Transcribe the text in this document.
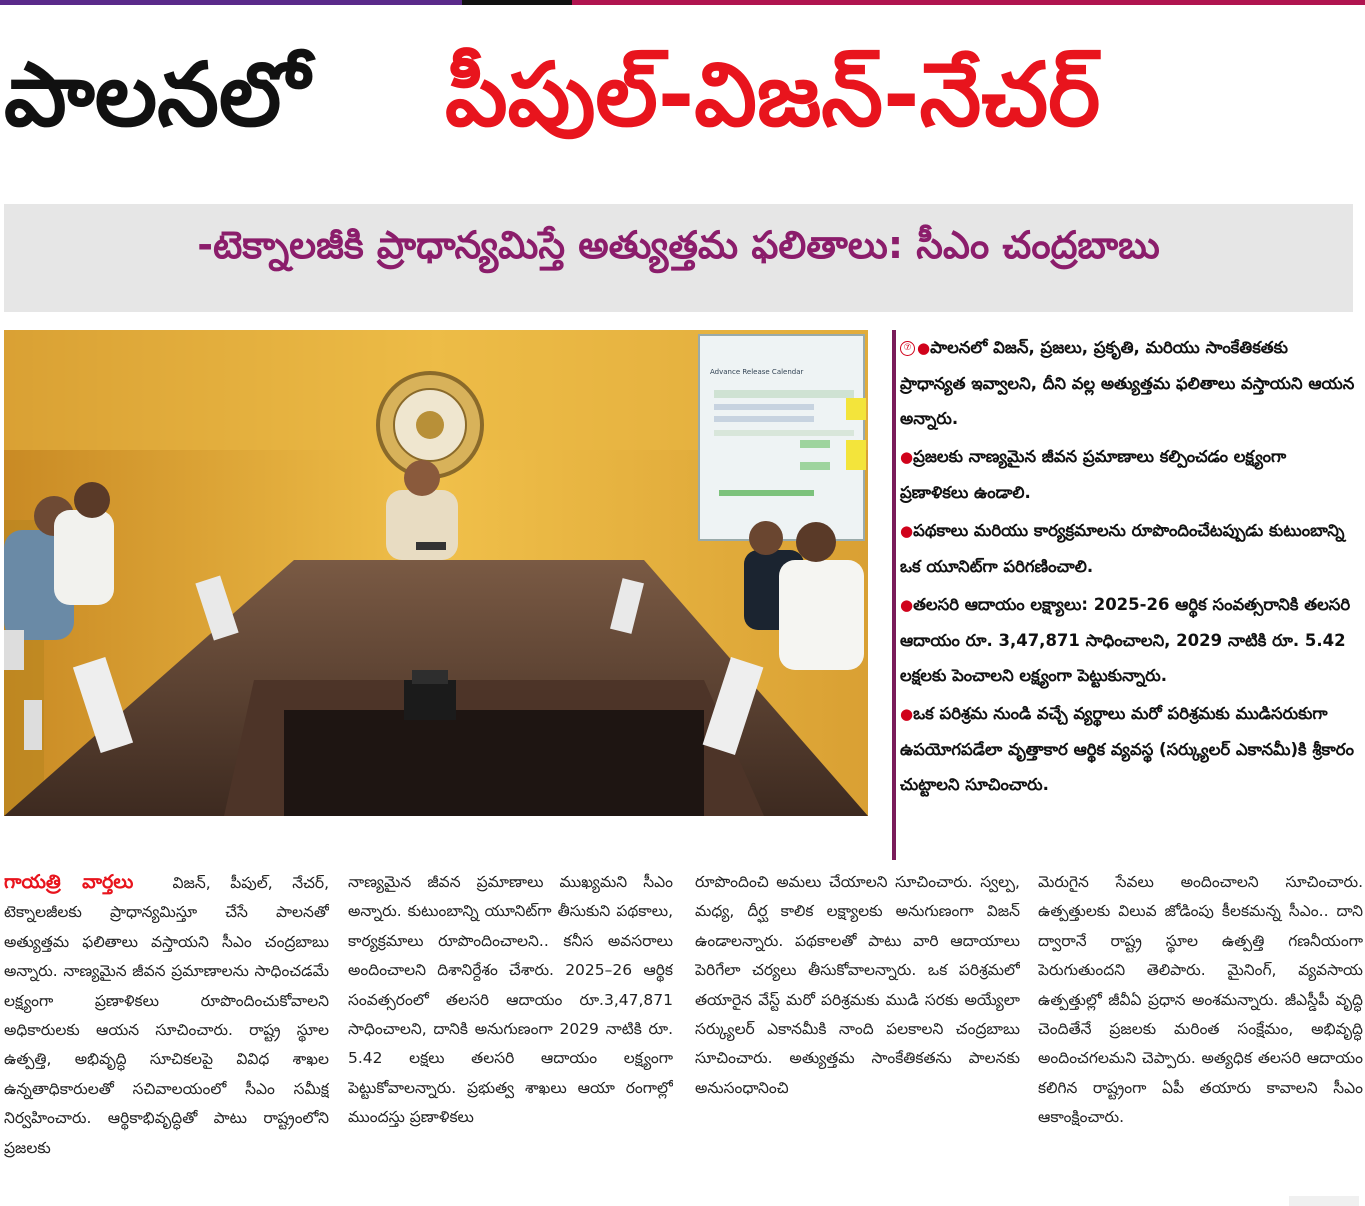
పాలనలో పీపుల్-విజన్-నేచర్
-టెక్నాలజీకి ప్రాధాన్యమిస్తే అత్యుత్తమ ఫలితాలు: సీఎం చంద్రబాబు
Advance Release Calendar
⑦ ●పాలనలో విజన్, ప్రజలు, ప్రకృతి, మరియు సాంకేతికతకు ప్రాధాన్యత ఇవ్వాలని, దీని వల్ల అత్యుత్తమ ఫలితాలు వస్తాయని ఆయన అన్నారు.
●ప్రజలకు నాణ్యమైన జీవన ప్రమాణాలు కల్పించడం లక్ష్యంగా ప్రణాళికలు ఉండాలి.
●పథకాలు మరియు కార్యక్రమాలను రూపొందించేటప్పుడు కుటుంబాన్ని ఒక యూనిట్‌గా పరిగణించాలి.
●తలసరి ఆదాయం లక్ష్యాలు: 2025-26 ఆర్థిక సంవత్సరానికి తలసరి ఆదాయం రూ. 3,47,871 సాధించాలని, 2029 నాటికి రూ. 5.42 లక్షలకు పెంచాలని లక్ష్యంగా పెట్టుకున్నారు.
●ఒక పరిశ్రమ నుండి వచ్చే వ్యర్థాలు మరో పరిశ్రమకు ముడిసరుకుగా ఉపయోగపడేలా వృత్తాకార ఆర్థిక వ్యవస్థ (సర్క్యులర్ ఎకానమీ)కి శ్రీకారం చుట్టాలని సూచించారు.

గాయత్రి వార్తలు	విజన్, పీపుల్, నేచర్, టెక్నాలజీలకు ప్రాధాన్యమిస్తూ చేసే పాలనతో అత్యుత్తమ ఫలితాలు వస్తాయని సీఎం చంద్రబాబు అన్నారు. నాణ్యమైన జీవన ప్రమాణాలను సాధించడమే లక్ష్యంగా ప్రణాళికలు రూపొందించుకోవాలని అధికారులకు ఆయన సూచించారు. రాష్ట్ర స్థూల ఉత్పత్తి, అభివృద్ధి సూచికలపై వివిధ శాఖల ఉన్నతాధికారులతో సచివాలయంలో సీఎం సమీక్ష నిర్వహించారు. ఆర్థికాభివృద్ధితో పాటు రాష్ట్రంలోని ప్రజలకు

నాణ్యమైన జీవన ప్రమాణాలు ముఖ్యమని సీఎం అన్నారు. కుటుంబాన్ని యూనిట్‌గా తీసుకుని పథకాలు, కార్యక్రమాలు రూపొందించాలని.. కనీస అవసరాలు అందించాలని దిశానిర్దేశం చేశారు. 2025–26 ఆర్థిక సంవత్సరంలో తలసరి ఆదాయం రూ.3,47,871 సాధించాలని, దానికి అనుగుణంగా 2029 నాటికి రూ. 5.42 లక్షలు తలసరి ఆదాయం లక్ష్యంగా పెట్టుకోవాలన్నారు. ప్రభుత్వ శాఖలు ఆయా రంగాల్లో ముందస్తు ప్రణాళికలు

రూపొందించి అమలు చేయాలని సూచించారు. స్వల్ప, మధ్య, దీర్ఘ కాలిక లక్ష్యాలకు అనుగుణంగా విజన్ ఉండాలన్నారు. పథకాలతో పాటు వారి ఆదాయాలు పెరిగేలా చర్యలు తీసుకోవాలన్నారు. ఒక పరిశ్రమలో తయారైన వేస్ట్ మరో పరిశ్రమకు ముడి సరకు అయ్యేలా సర్క్యులర్ ఎకానమీకి నాంది పలకాలని చంద్రబాబు సూచించారు. అత్యుత్తమ సాంకేతికతను పాలనకు అనుసంధానించి

మెరుగైన సేవలు అందించాలని సూచించారు. ఉత్పత్తులకు విలువ జోడింపు కీలకమన్న సీఎం.. దాని ద్వారానే రాష్ట్ర స్థూల ఉత్పత్తి గణనీయంగా పెరుగుతుందని తెలిపారు. మైనింగ్, వ్యవసాయ ఉత్పత్తుల్లో జీవీఏ ప్రధాన అంశమన్నారు. జీఎస్డీపీ వృద్ధి చెందితేనే ప్రజలకు మరింత సంక్షేమం, అభివృద్ధి అందించగలమని చెప్పారు. అత్యధిక తలసరి ఆదాయం కలిగిన రాష్ట్రంగా ఏపీ తయారు కావాలని సీఎం ఆకాంక్షించారు.
